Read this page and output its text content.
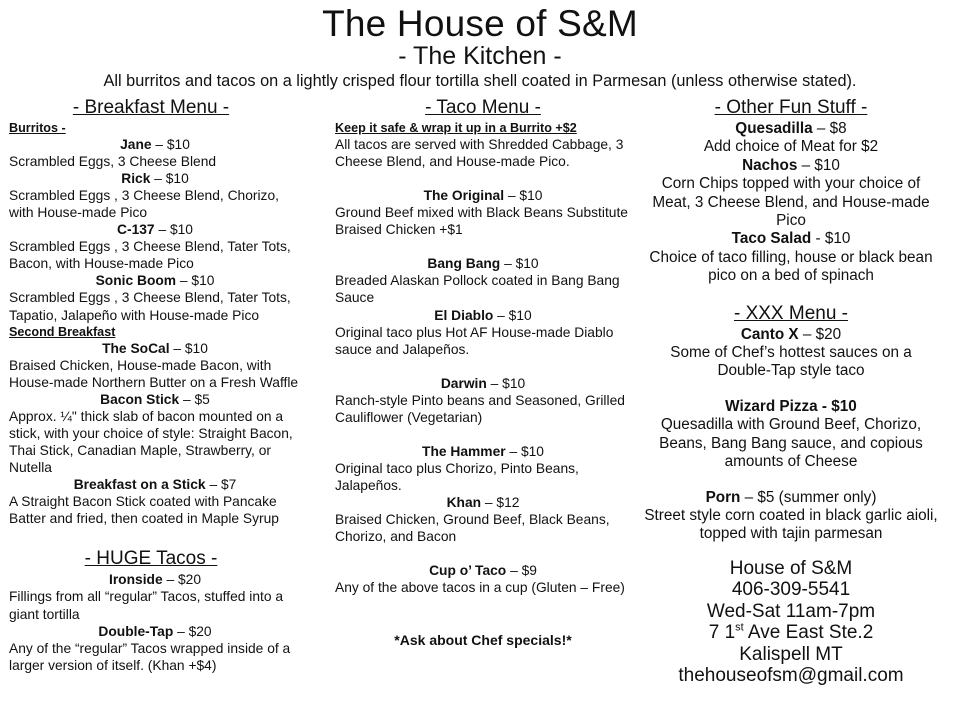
The House of S&M
- The Kitchen -
All burritos and tacos on a lightly crisped flour tortilla shell coated in Parmesan (unless otherwise stated).
- Breakfast Menu -
Burritos -
Jane – $10
Scrambled Eggs, 3 Cheese Blend
Rick – $10
Scrambled Eggs , 3 Cheese Blend, Chorizo, with House-made Pico
C-137 – $10
Scrambled Eggs , 3 Cheese Blend, Tater Tots, Bacon, with House-made Pico
Sonic Boom – $10
Scrambled Eggs , 3 Cheese Blend, Tater Tots, Tapatio, Jalapeño with House-made Pico
Second Breakfast
The SoCal – $10
Braised Chicken, House-made Bacon, with House-made Northern Butter on a Fresh Waffle
Bacon Stick – $5
Approx. ¼" thick slab of bacon mounted on a stick, with your choice of style: Straight Bacon, Thai Stick, Canadian Maple, Strawberry, or Nutella
Breakfast on a Stick – $7
A Straight Bacon Stick coated with Pancake Batter and fried, then coated in Maple Syrup
- HUGE Tacos -
Ironside – $20
Fillings from all “regular” Tacos, stuffed into a giant tortilla
Double-Tap – $20
Any of the “regular” Tacos wrapped inside of a larger version of itself. (Khan +$4)
- Taco Menu -
Keep it safe & wrap it up in a Burrito +$2
All tacos are served with Shredded Cabbage, 3 Cheese Blend, and House-made Pico.
The Original – $10
Ground Beef mixed with Black Beans Substitute Braised Chicken +$1
Bang Bang – $10
Breaded Alaskan Pollock coated in Bang Bang Sauce
El Diablo – $10
Original taco plus Hot AF House-made Diablo sauce and Jalapeños.
Darwin – $10
Ranch-style Pinto beans and Seasoned, Grilled Cauliflower (Vegetarian)
The Hammer – $10
Original taco plus Chorizo, Pinto Beans, Jalapeños.
Khan – $12
Braised Chicken, Ground Beef, Black Beans, Chorizo, and Bacon
Cup o’ Taco – $9
Any of the above tacos in a cup (Gluten – Free)
*Ask about Chef specials!*
- Other Fun Stuff -
Quesadilla – $8
Add choice of Meat for $2
Nachos – $10
Corn Chips topped with your choice of Meat, 3 Cheese Blend, and House-made Pico
Taco Salad - $10
Choice of taco filling, house or black bean pico on a bed of spinach
- XXX Menu -
Canto X – $20
Some of Chef’s hottest sauces on a Double-Tap style taco
Wizard Pizza - $10
Quesadilla with Ground Beef, Chorizo, Beans, Bang Bang sauce, and copious amounts of Cheese
Porn – $5 (summer only)
Street style corn coated in black garlic aioli, topped with tajin parmesan
House of S&M
406-309-5541
Wed-Sat 11am-7pm
7 1st Ave East Ste.2
Kalispell MT
thehouseofsm@gmail.com
